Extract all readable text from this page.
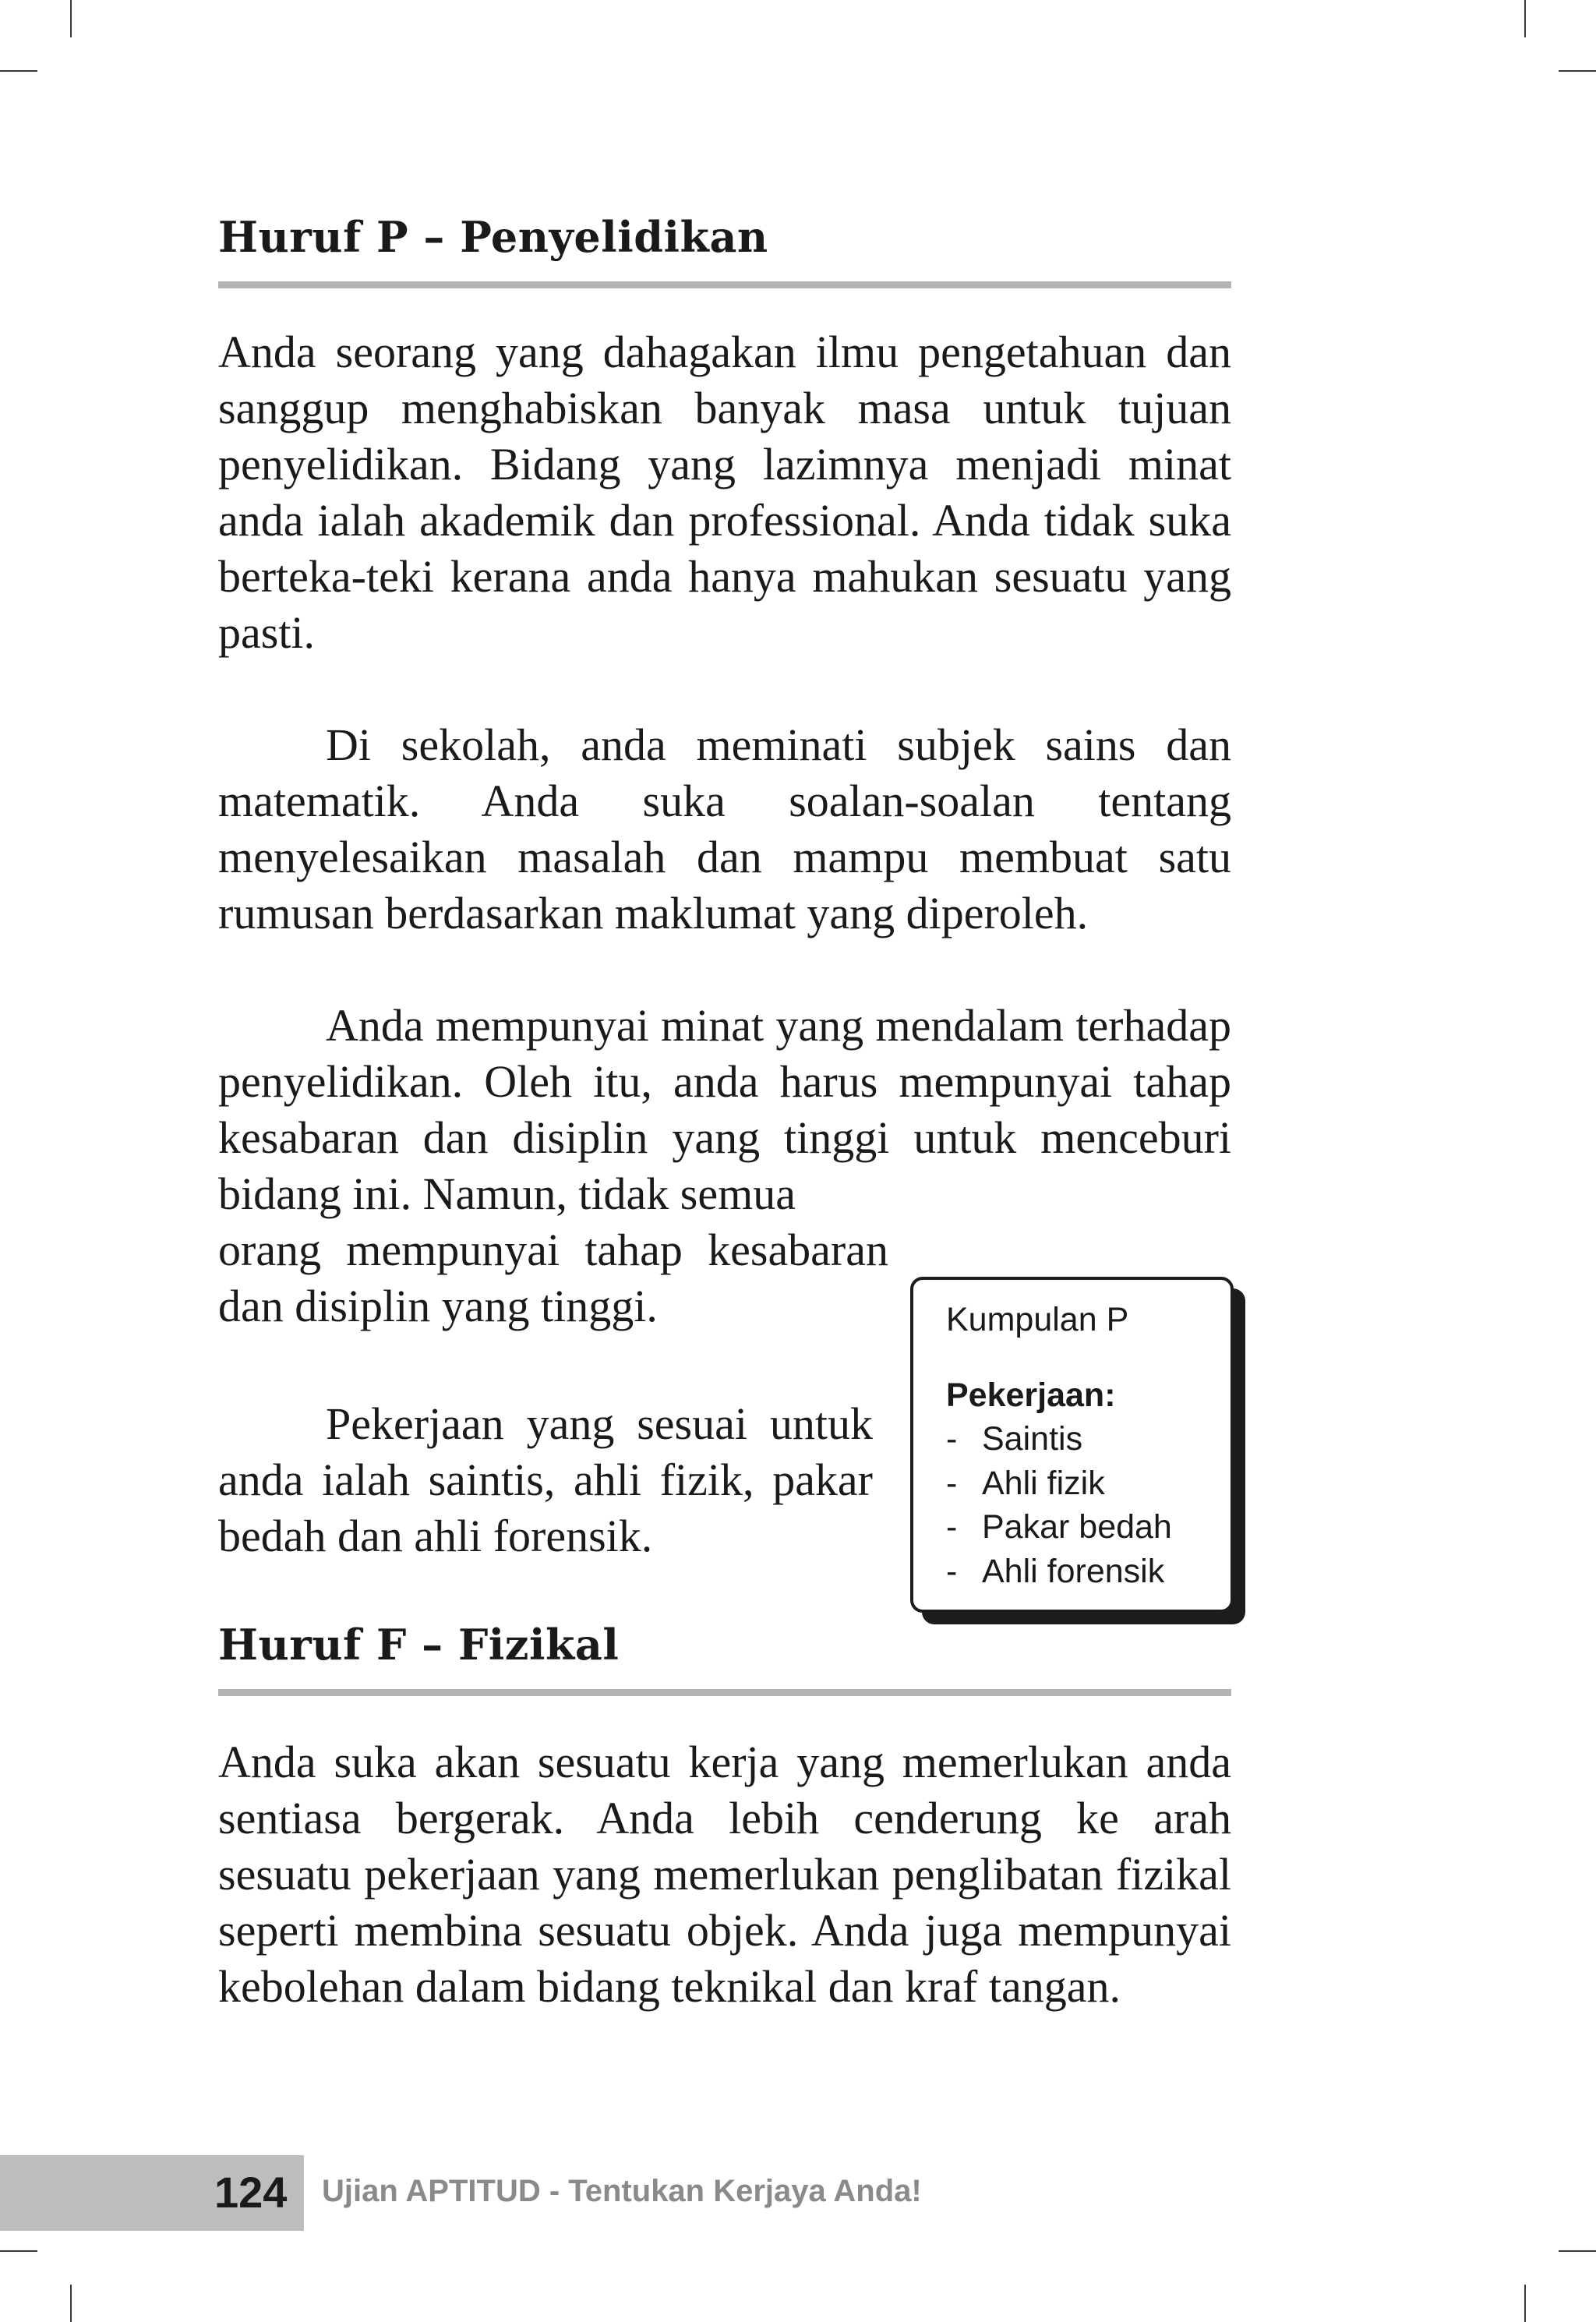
Huruf P – Penyelidikan

Anda seorang yang dahagakan ilmu pengetahuan dan sanggup menghabiskan banyak masa untuk tujuan penyelidikan. Bidang yang lazimnya menjadi minat anda ialah akademik dan professional. Anda tidak suka berteka-teki kerana anda hanya mahukan sesuatu yang pasti.

Di sekolah, anda meminati subjek sains dan matematik. Anda suka soalan-soalan tentang menyelesaikan masalah dan mampu membuat satu rumusan berdasarkan maklumat yang diperoleh.

Anda mempunyai minat yang mendalam terhadap penyelidikan. Oleh itu, anda harus mempunyai tahap kesabaran dan disiplin yang tinggi untuk menceburi bidang ini. Namun, tidak semua

orang mempunyai tahap kesabaran dan disiplin yang tinggi.

Pekerjaan yang sesuai untuk anda ialah saintis, ahli fizik, pakar bedah dan ahli forensik.

Kumpulan P

Pekerjaan:

- Saintis
- Ahli fizik
- Pakar bedah
- Ahli forensik
Huruf F – Fizikal

Anda suka akan sesuatu kerja yang memerlukan anda sentiasa bergerak. Anda lebih cenderung ke arah sesuatu pekerjaan yang memerlukan penglibatan fizikal seperti membina sesuatu objek. Anda juga mempunyai kebolehan dalam bidang teknikal dan kraf tangan.

124 Ujian APTITUD - Tentukan Kerjaya Anda!
